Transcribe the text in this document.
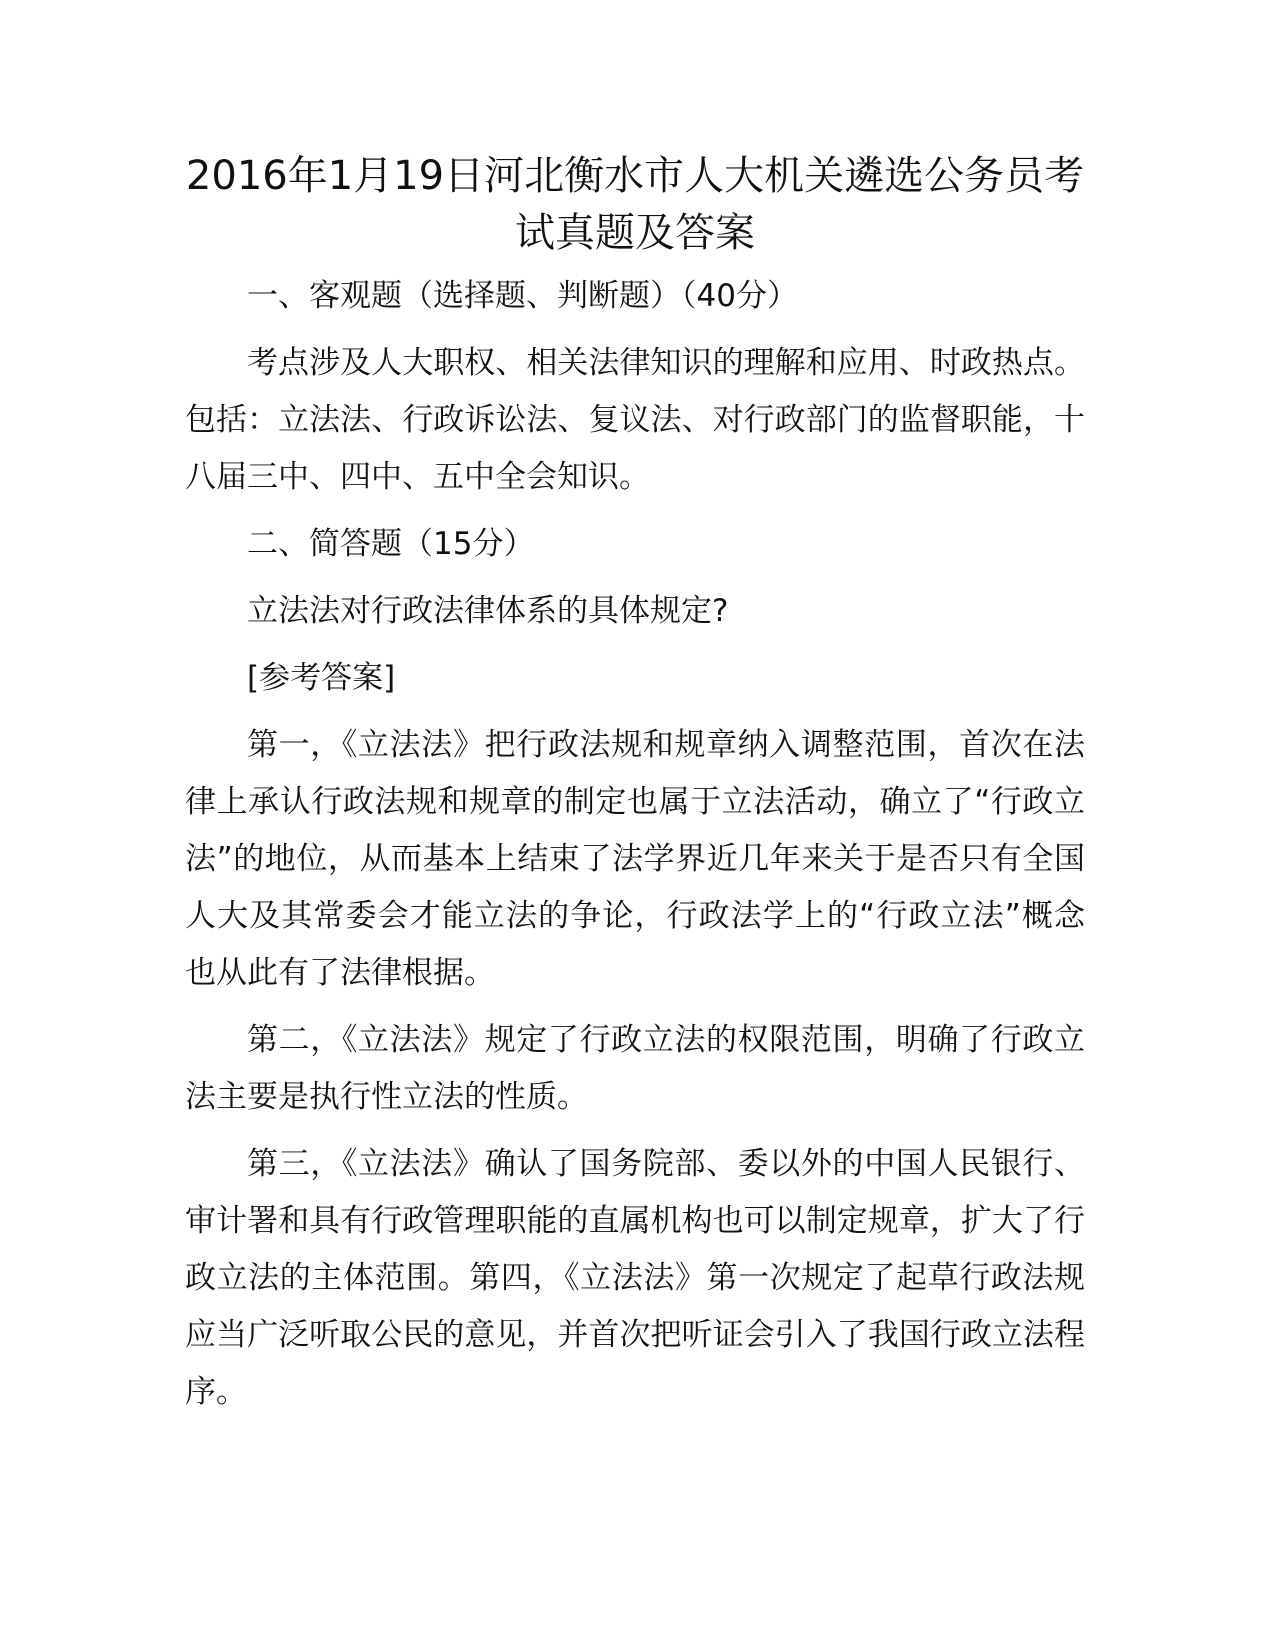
2016年1月19日河北衡水市人大机关遴选公务员考试真题及答案

一、客观题（选择题、判断题）（40分）

考点涉及人大职权、相关法律知识的理解和应用、时政热点。包括：立法法、行政诉讼法、复议法、对行政部门的监督职能，十八届三中、四中、五中全会知识。

二、简答题（15分）

立法法对行政法律体系的具体规定?

[参考答案]

第一，《立法法》把行政法规和规章纳入调整范围，首次在法律上承认行政法规和规章的制定也属于立法活动，确立了“行政立法”的地位，从而基本上结束了法学界近几年来关于是否只有全国人大及其常委会才能立法的争论，行政法学上的“行政立法”概念也从此有了法律根据。

第二，《立法法》规定了行政立法的权限范围，明确了行政立法主要是执行性立法的性质。

第三，《立法法》确认了国务院部、委以外的中国人民银行、审计署和具有行政管理职能的直属机构也可以制定规章，扩大了行政立法的主体范围。第四，《立法法》第一次规定了起草行政法规应当广泛听取公民的意见，并首次把听证会引入了我国行政立法程序。
